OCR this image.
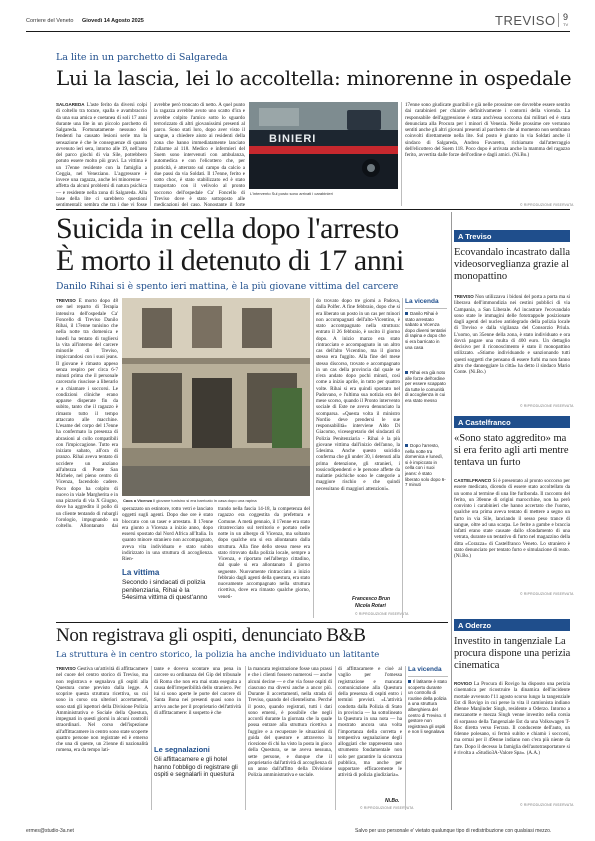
Corriere del Veneto Giovedì 14 Agosto 2025	TREVISO 9
TV
La lite in un parchetto di Salgareda
Lui la lascia, lei lo accoltella: minorenne in ospedale
SALGAREDA L'aste ferito da diversi colpi di coltello tra torace, spalla e avambraccio da una sua amica e coetanea di soli 17 anni durante una lite in un piccolo parchetto di Salgareda. Fortunatamente nessuno dei fendenti ha causato lesioni serie ma la sensazione è che le conseguenze di quanto avvenuto ieri sera, intorno alle 19, nell'area del parco giochi di via Sile, potrebbero potuto essere molto più gravi. La vittima è un 17enne residente con la famiglia a Ceggia, nel Veneziano. L'aggressore è invece una ragazza, anche lei minorenne — affetta da alcuni problemi di natura psichica — e residente nella zona di Salgareda. Alla base della lite ci sarebbero questioni sentimentali: sembra che tra i due vi fosse
avrebbe però troncato di netto. A quel punto la ragazza avrebbe avuto uno scatto d'ira e avrebbe colpito l'amico sotto lo sguardo terrorizzato di altri giovanissimi presenti al parco. Sono stati loro, dopo aver visto il sangue, a chiedere aiuto ai residenti della zona che hanno immediatamente lanciato l'allarme al 118. Medico e infermieri del Suem sono intervenuti con ambulanza, automedica e con l'elicottero che, per praticità, è atterrato sul campo da calcio a due passi da via Soldati. Il 17enne, ferito e sotto choc, è stato stabilizzato ed è stato trasportato con il velivolo al pronto soccorso dell'ospedale Ca' Foncello di Treviso dove è stato sottoposto alle medicazioni del caso. Nonostante il forte
BINIERI
L'intervento Sul posto sono arrivati i carabinieri
17enne sono giudicate guaribili e già nelle prossime ore dovrebbe essere sentito dai carabinieri per chiarire definitivamente i contorni della vicenda. La responsabile dell'aggressione è stata anch'essa soccorsa dai militari ed è stata denunciata alla Procura per i minori di Venezia. Nelle prossime ore verranno sentiti anche gli altri giovani presenti al parchetto che al momento non sembrano coinvolti direttamente nella lite. Sul posto è giunto in via Soldati anche il sindaco di Salgareda, Andrea Favaretto, richiamato dall'atterraggio dell'elicottero del Suem 118. Poco dopo è arrivata anche la mamma del ragazzo ferito, avvertita dalle forze dell'ordine e dagli amici. (Ni.Bo.)
© RIPRODUZIONE RISERVATA
Suicida in cella dopo l'arresto
È morto il detenuto di 17 anni
Danilo Rihai si è spento ieri mattina, è la più giovane vittima del carcere
TREVISO È morto dopo 48 ore nel reparto di Terapia intensiva dell'ospedale Ca' Foncello di Treviso Danilo Rihai, il 17enne tunisino che nella notte tra domenica e lunedì ha tentato di togliersi la vita all'interno del carcere minorile di Treviso, impiccandosi con i suoi jeans. Il giovane è rimasto appeso senza respiro per circa 6-7 minuti prima che il personale carcerario riuscisse a liberarlo e a chiamare i soccorsi. Le condizioni cliniche erano apparse disperate fin da subito, tanto che il ragazzo è rimasto tutto il tempo attaccato alle macchine. L'esame del corpo del 17enne ha confermato la presenza di abrasioni al collo compatibili con l'impiccagione. Tutto era iniziato sabato, all'ora di pranzo. Rihai aveva tentato di uccidere un anziano all'altezza di Ponte San Michele, nel pieno centro di Vicenza, facendolo cadere. Poco dopo ha colpito di nuovo in viale Margherita e in una pizzeria di via X Giugno, dove ha aggredito il pollo di un cliente tentando di rubargli l'orologio, impugnando un coltello. Allontanato dai
Caos a Vicenza Il giovane tunisino si era barricato in casa dopo una rapina
sperazzato un estintore, rotto vetri e lanciato oggetti sugli agenti. Dopo due ore è stato bloccato con un taser e arrestato. Il 17enne era giunto a Vicenza a inizio anno, dopo essersi spostato dal Nord Africa all'Italia. In quanto minore straniero non accompagnato, aveva vita individuato e stato subito indirizzato in una struttura di accoglienza. Rien-
trando nella fascia 14-18, la competenza del ragazzo era coggestita da prefettura e Comune. A metà gennaio, il 17enne era stato ritratrecciato sul territorio e portato nelle notte in un albergo di Vicenza, ma soltanto dopo qualche ora si era allontanato dalla struttura. Alla fine dello stesso mese era stato ritrovato dalla polizia locale, sempre a Vicenza, e riportato nell'albergo cittadino, dal quale si era allontanato il giorno seguente. Nuovamente rintracciato a inizio febbraio dagli agenti della questura, era stato nuovamente accompagnato nella struttura ricettiva, dove era rimasto qualche giorno, veneti-
La vittima
Secondo i sindacati di polizia penitenziaria, Rihai è la 54esima vittima di quest'anno
do trovato dopo tre giorni a Padova, dalla Polfer. A fine febbraio, dopo che si era liberato un posto in un cas per minori non accompagnati dell'alto-Vicentino, è stato accompagnato nella struttura: entrato il 26 febbraio, è uscito il giorno dopo. A inizio marzo era stato rintracciato e accompagnato in un altro cas dell'alto Vicentino, ma il giorno stesso era fuggito. Alla fine del mese stesso discorso, trovato e accompagnato in un cas della provincia dal quale se n'era andato dopo pochi minuti, così come a inizio aprile, in tutto per quattro volte. Rihai si era quindi spostato nel Padovano, e l'ultima sua notizia era del mese scorso, quando il Pronto intervento sociale di Este ne aveva denunciato la scomparsa. «Questa volta il ministro Nordio deve prendersi le sue responsabilità» interviene Aldo Di Giacomo, vicesegretario del sindacati di Polizia Penitenziaria - Rihai è la più giovane vittima dall'inizio dell'anno, la 54esima. Anche questo suicidio conferma che gli under 30, i detenuti alla prima detenzione, gli stranieri, i tossicodipendenti e le persone affette da malattie psichiche sono le categorie a maggiore rischio e che quindi necessitano di maggiori attenzioni».
Francesco Brun
Nicola Rotari
© RIPRODUZIONE RISERVATA
La vicenda
Danilo Rihai è stato arrestato sabato a Vicenza dopo diversi tentativi di rapina e dopo che si era barricato in una casa
Rihai era già noto alle forze dell'ordine per essere scappato da tutte le comunità di accoglienza in cui era stato messo
Dopo l'arresto, nella notte tra domenica e lunedì, si è impiccato in cella con i suoi jeans: è stato liberato solo dopo 6-7 minuti
Non registrava gli ospiti, denunciato B&B
La struttura è in centro storico, la polizia ha anche individuato un latitante
TREVISO Gestiva un'attività di affittacamere nel cuore del centro storico di Treviso, ma non registrava e segnalava gli ospiti alla Questura come previsto dalla legge. A scoprire questa struttura ricettiva, su cui sono in corso ora ulteriori accertamenti, sono stati gli ispettori della Divisione Polizia Amministrativa e Sociale della Questura, impegnati in questi giorni in alcuni controlli straordinari. Nel corso dell'ispezione all'affittacamere in centro sono state scoperte quattro persone non registrate ed è emerso che una di queste, un 21enne di nazionalità romena, era da tempo lati-
tante e doveva scontare una pena in carcere su ordinanza del Gip del tribunale di Roma che non era mai stata eseguita a causa dell'irreperibilità dello straniero. Per lui si sono aperte le porte del carcere di Santa Bona nei presenti quasi sono in arrivo anche per il proprietario dell'attività di affittacamere: il sospetto è che
Le segnalazioni
Gli affittacamere e gli hotel hanno l'obbligo di registrare gli ospiti e segnalarli in questura
la mancata registrazione fosse una prassi e che i clienti fossero numerosi — anche alcuni decine — e che via fosse ospiti di ciascuno ma diversi anche a ancor più. Durante il accertamenti, nella strada di Treviso, quando del clientelismo. Perché il posto, quando registrati, tutti i dati sono emersi, è possibile che negli accordi durante la giornata che la quale possa entrare alla struttura ricettiva a fuggire e a recuperare le situazioni di guida del questore e attraverso la ricezione di chi ha visto la posta in gioco della Questura, se ne aveva nessuna, sette persone, e dunque che il proprietario dall'attività di accoglienza di un anno dall'affitto della Divisione Polizia amministrativa e sociale.
di affittacamere e cioè al vaglio per l'omessa registrazione e mancata comunicazione alla Questura della presenza di ospiti entro i termini previsti. «L'attività condotta dalla Polizia di Stato in provincia — ha sottolineato la Questura in una nota — ha mostrato ancora una volta l'importanza della corretta e tempestiva segnalazione degli alloggiati che rappresenta uno strumento fondamentale non solo per garantire la sicurezza pubblica, ma anche per supportare efficacemente le attività di polizia giudiziaria».
Ni.Bo.
© RIPRODUZIONE RISERVATA
La vicenda
Il latitante è stato scoperto durante un controllo di routine della polizia a una struttura alberghiera del centro di Treviso. Il gestore non registrava gli ospiti e non li segnalava
A Treviso
Ecovandalo incastrato dalla videosorveglianza grazie al monopattino
TREVISO Non utilizzava i bidoni del porta a porta ma si liberava dell'immondizia nei cestini pubblici di via Campania, a San Liberale. Ad incastrare l'ecovandalo sono state le immagini delle fototrappole posizionate dagli agenti del nucleo antidegrado della polizia locale di Treviso e dalla vigilanza del Consorzio Priula. L'uomo, un 35enne della zona, è stato individuato e ora dovrà pagare una multa di 400 euro. Un dettaglio decisivo per il riconoscimento è stato il monopattino utilizzato. «Stiamo individuando e sanzionando tutti questi soggetti che pensano di essere furbi ma non fanno altro che danneggiare la città» ha detto il sindaco Mario Conte. (Ni.Bo.)
© RIPRODUZIONE RISERVATA
A Castelfranco
«Sono stato aggredito» ma si era ferito agli arti mentre tentava un furto
CASTELFRANCO Si è presentato al pronto soccorso per essere medicato, dicendo di essere stato accoltellato da un uomo al termine di una lite furibonda. Il racconto del ferito, un 30enne di origini marocchine, non ha però convinto i carabinieri che hanno accertato che l'uomo, qualche ora prima aveva tentato di mettere a segno un furto in via Sile, lanciando il sesso peso trance di sangue, oltre ad una scarpa. Le ferite a gambe e braccia infatti erano state causate dallo sfondamento di una vetrata, durante un tentativo di furto nel magazzino della ditta «Corazza» di Castelfranco Veneto. Lo straniero è stato denunciato per tentato furto e simulazione di reato. (Ni.Bo.)
© RIPRODUZIONE RISERVATA
A Oderzo
Investito in tangenziale La procura dispone una perizia cinematica
ROVIGO La Procura di Rovigo ha disposto una perizia cinematica per ricostruire la dinamica dell'incidente mortale avvenuto l'11 agosto scorso lungo la tangenziale Est di Rovigo in cui perse la vita il camionista indiano 49enne Manjinder Singh, residente a Oderzo. Intorno a mezzanotte e mezza Singh venne investito nella corsia di sorpasso della Tangenziale Est da una Volkswagen T-Roc diretta verso Ferrara. Il conducente dell'auto, un 64enne polesano, si fermò subito e chiamò i soccorsi, ma ormai per il 49enne indiano non c'era più niente da fare. Dopo il decesso la famiglia dell'autotrasportatore si è rivolta a «Studio3A-Valore Spa». (A.A.)
© RIPRODUZIONE RISERVATA
ermes@studio-3a.net	Salvo per uso personale e' vietato qualunque tipo di redistribuzione con qualsiasi mezzo.
